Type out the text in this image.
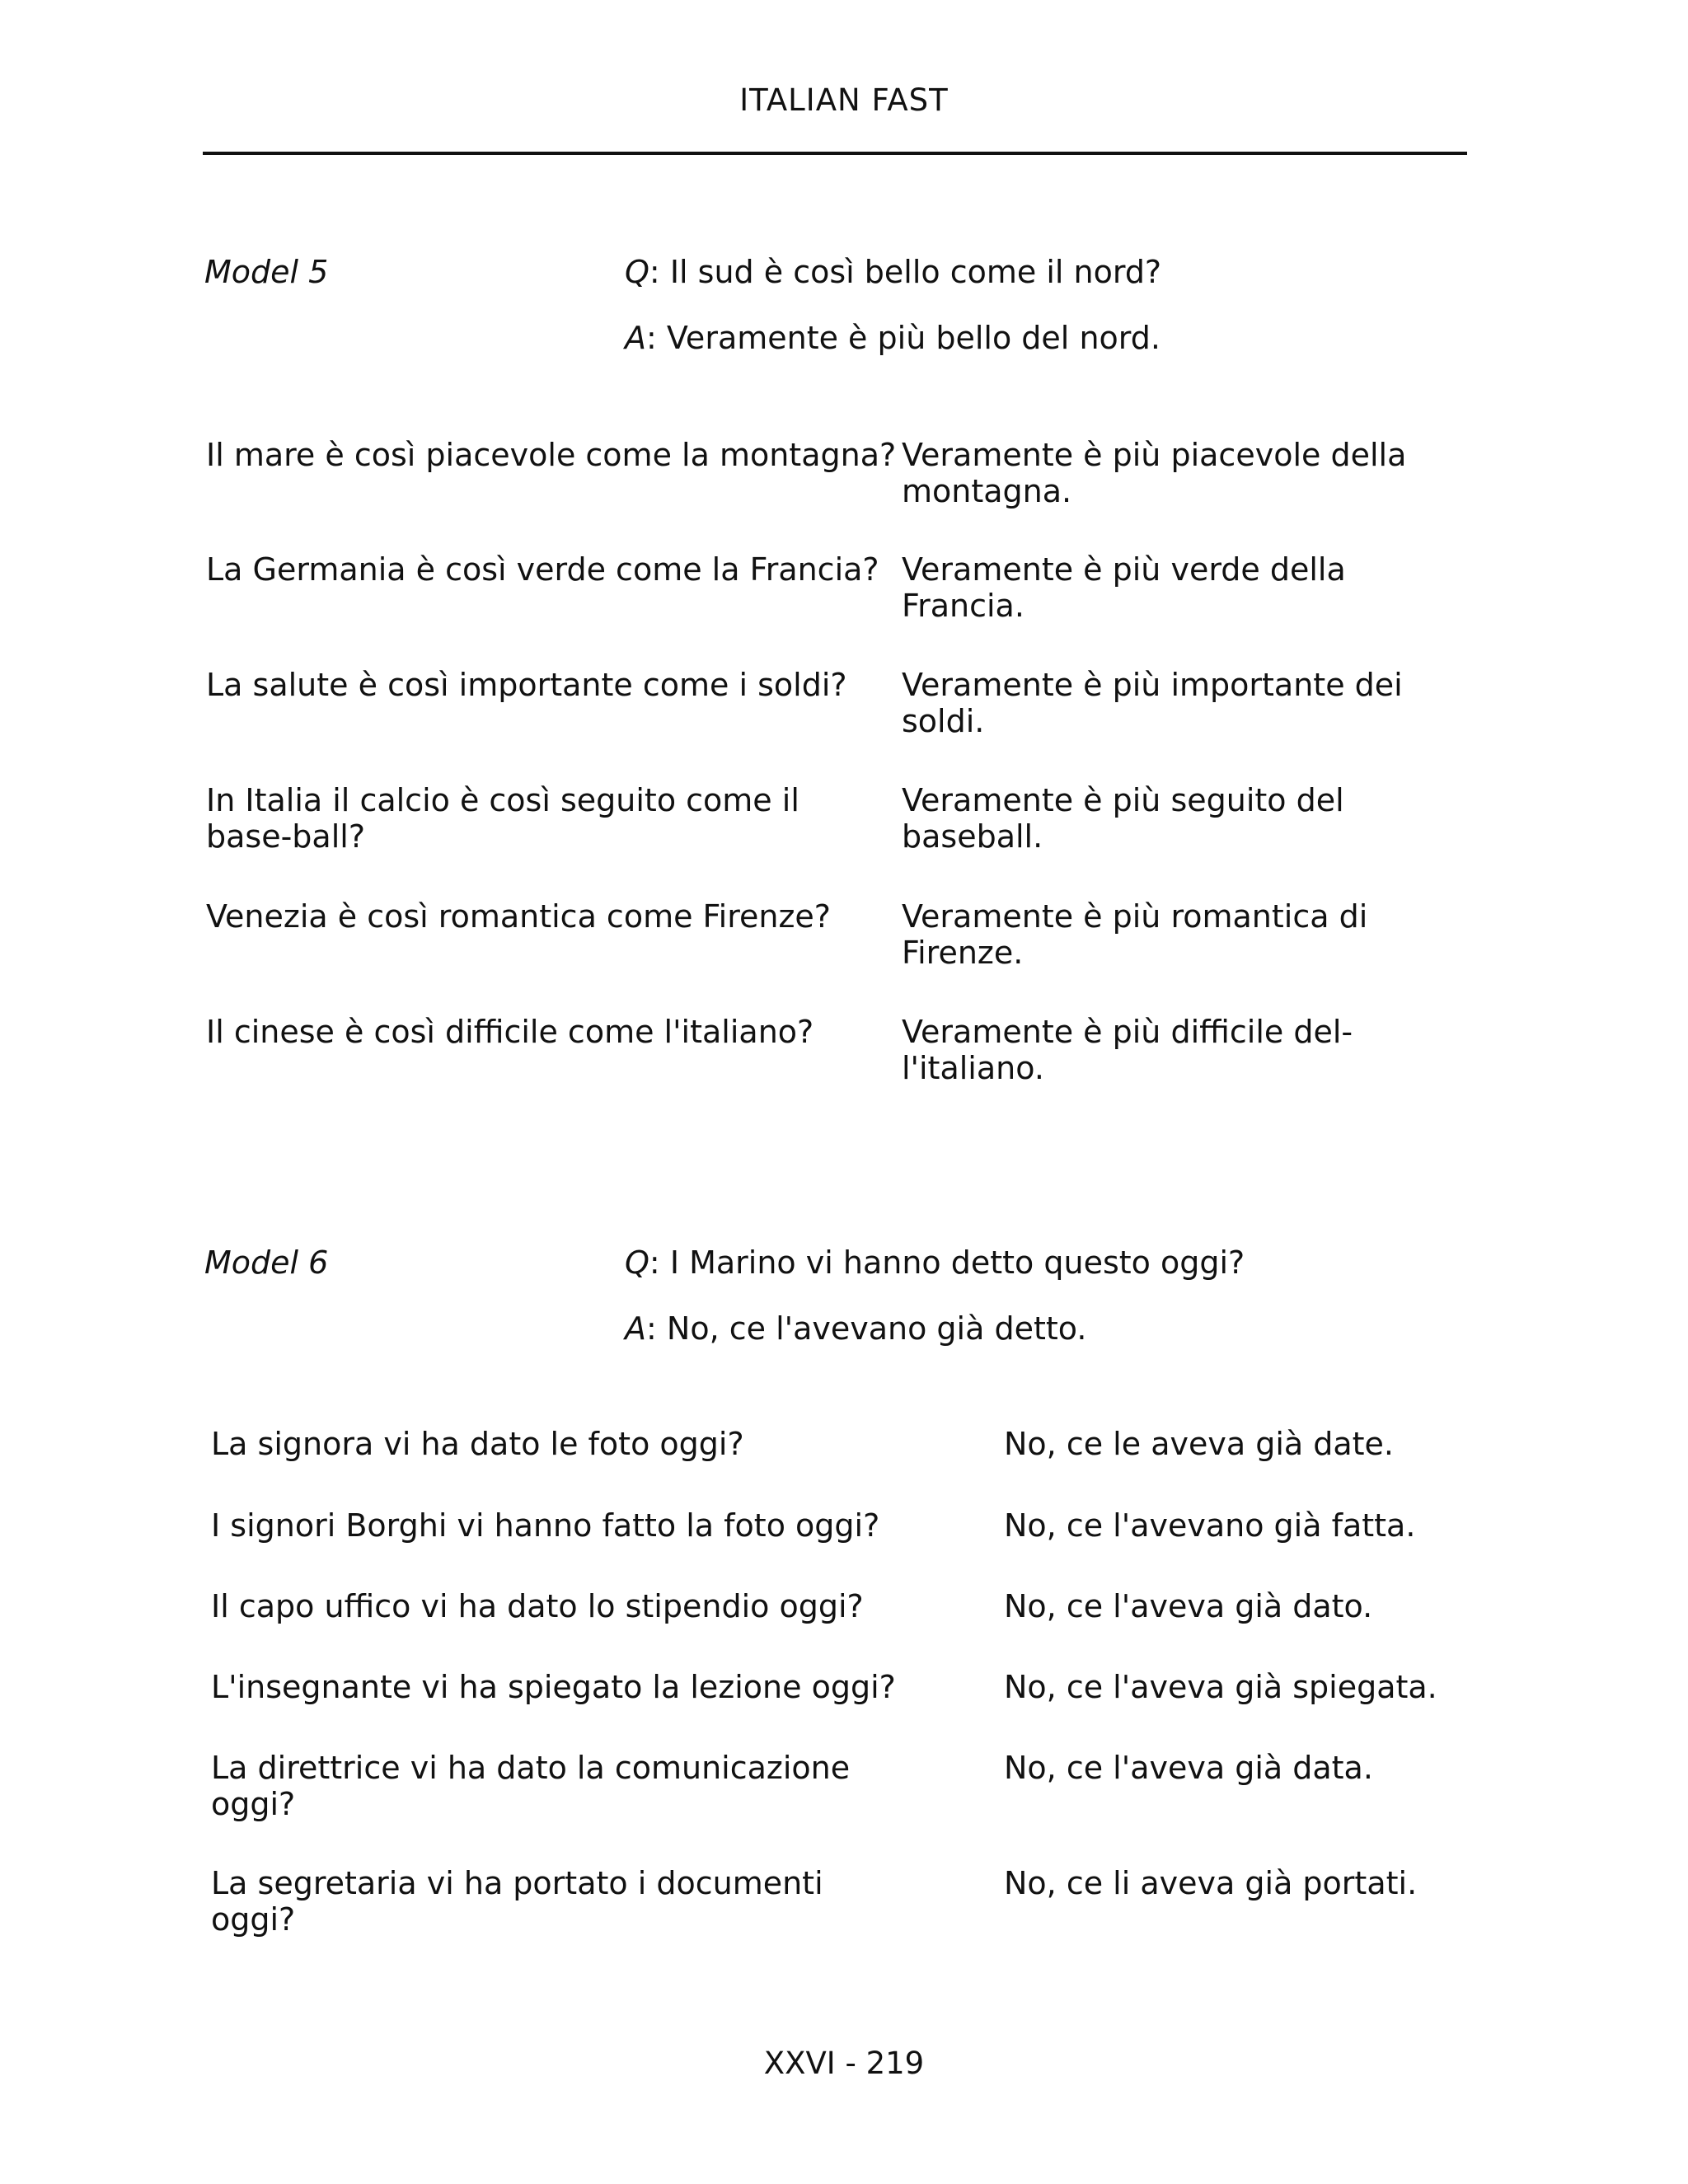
ITALIAN FAST
Model 5	Q: Il sud è così bello come il nord?
A: Veramente è più bello del nord.
Il mare è così piacevole come la montagna? Veramente è più piacevole della montagna.
La Germania è così verde come la Francia? Veramente è più verde della Francia.
La salute è così importante come i soldi?	Veramente è più importante dei soldi.
In Italia il calcio è così seguito come il base-ball?
Veramente è più seguito del baseball.
Venezia è così romantica come Firenze?	Veramente è più romantica di Firenze.
Il cinese è così difficile come l'italiano?	Veramente è più difficile del-l'italiano.
Model 6	Q: I Marino vi hanno detto questo oggi?
A: No, ce l'avevano già detto.
La signora vi ha dato le foto oggi?	No, ce le aveva già date.
I signori Borghi vi hanno fatto la foto oggi?	No, ce l'avevano già fatta.
Il capo uffico vi ha dato lo stipendio oggi?	No, ce l'aveva già dato.
L'insegnante vi ha spiegato la lezione oggi?	No, ce l'aveva già spiegata.
La direttrice vi ha dato la comunicazione oggi?
No, ce l'aveva già data.
La segretaria vi ha portato i documenti oggi?
No, ce li aveva già portati.
XXVI - 219
